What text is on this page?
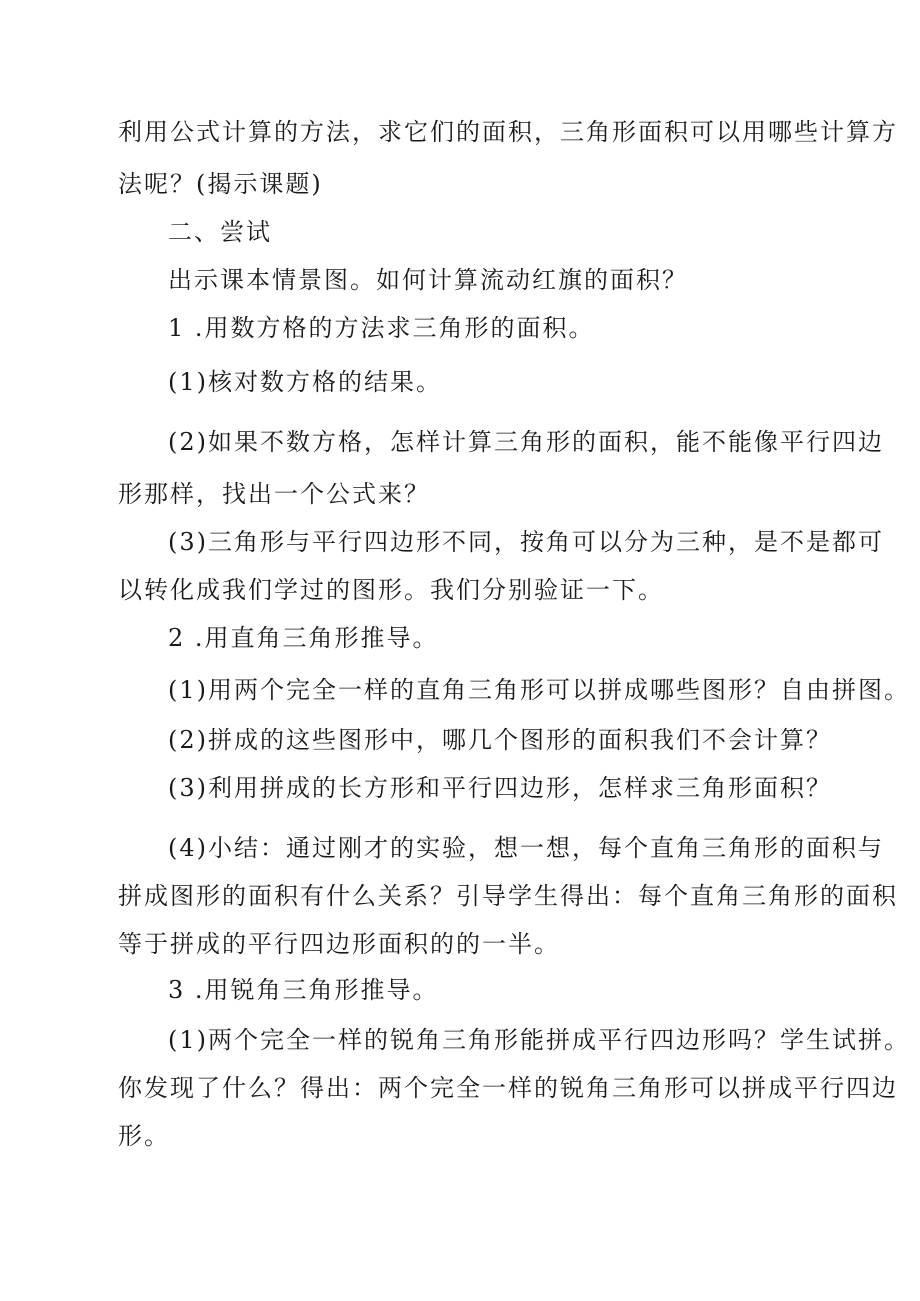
利用公式计算的方法，求它们的面积，三角形面积可以用哪些计算方
法呢？(揭示课题)
二、尝试
出示课本情景图。如何计算流动红旗的面积？
1 .用数方格的方法求三角形的面积。
(1)核对数方格的结果。
(2)如果不数方格，怎样计算三角形的面积，能不能像平行四边
形那样，找出一个公式来？
(3)三角形与平行四边形不同，按角可以分为三种，是不是都可
以转化成我们学过的图形。我们分别验证一下。
2 .用直角三角形推导。
(1)用两个完全一样的直角三角形可以拼成哪些图形？自由拼图。
(2)拼成的这些图形中，哪几个图形的面积我们不会计算？
(3)利用拼成的长方形和平行四边形，怎样求三角形面积？
(4)小结：通过刚才的实验，想一想，每个直角三角形的面积与
拼成图形的面积有什么关系？引导学生得出：每个直角三角形的面积
等于拼成的平行四边形面积的的一半。
3 .用锐角三角形推导。
(1)两个完全一样的锐角三角形能拼成平行四边形吗？学生试拼。
你发现了什么？得出：两个完全一样的锐角三角形可以拼成平行四边
形。
